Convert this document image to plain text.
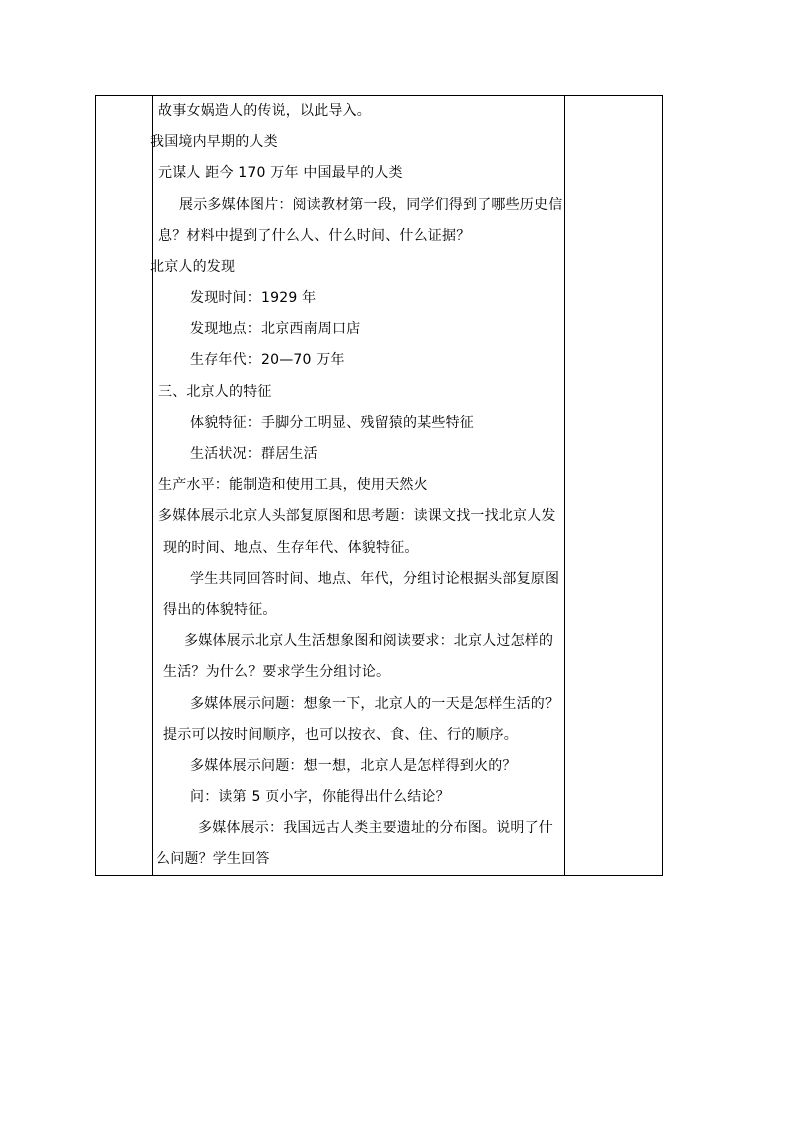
故事女娲造人的传说，以此导入。
我国境内早期的人类
元谋人 距今 170 万年 中国最早的人类
展示多媒体图片：阅读教材第一段，同学们得到了哪些历史信
息？材料中提到了什么人、什么时间、什么证据？
北京人的发现
发现时间：1929 年
发现地点：北京西南周口店
生存年代：20—70 万年
三、北京人的特征
体貌特征：手脚分工明显、残留猿的某些特征
生活状况：群居生活
生产水平：能制造和使用工具，使用天然火
多媒体展示北京人头部复原图和思考题：读课文找一找北京人发
现的时间、地点、生存年代、体貌特征。
学生共同回答时间、地点、年代，分组讨论根据头部复原图
得出的体貌特征。
多媒体展示北京人生活想象图和阅读要求：北京人过怎样的
生活？为什么？要求学生分组讨论。
多媒体展示问题：想象一下，北京人的一天是怎样生活的？
提示可以按时间顺序，也可以按衣、食、住、行的顺序。
多媒体展示问题：想一想，北京人是怎样得到火的？
问：读第 5 页小字，你能得出什么结论？
多媒体展示：我国远古人类主要遗址的分布图。说明了什
么问题？学生回答
